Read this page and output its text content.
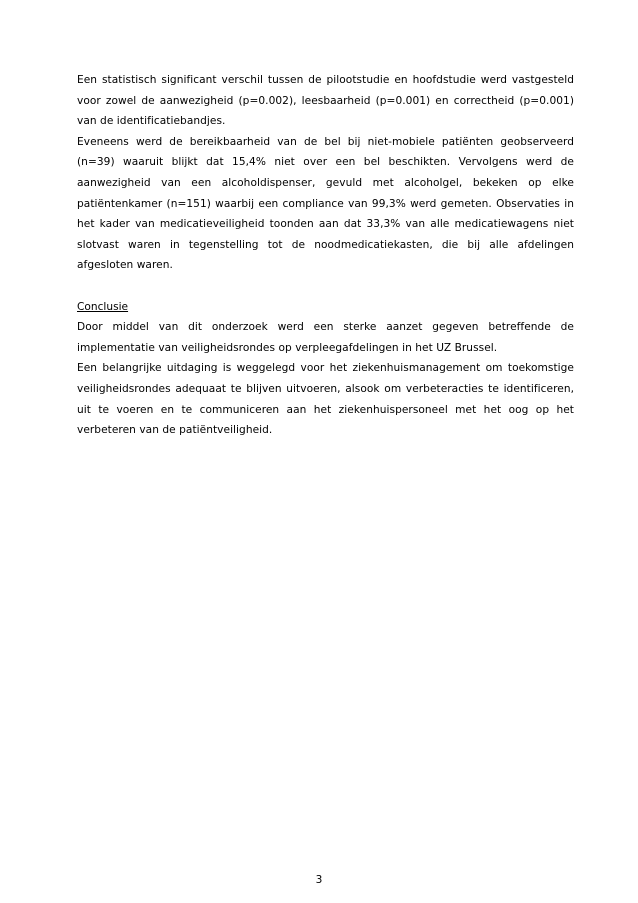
Een statistisch significant verschil tussen de pilootstudie en hoofdstudie werd vastgesteld voor zowel de aanwezigheid (p=0.002), leesbaarheid (p=0.001) en correctheid (p=0.001) van de identificatiebandjes.

Eveneens werd de bereikbaarheid van de bel bij niet-mobiele patiënten geobserveerd (n=39) waaruit blijkt dat 15,4% niet over een bel beschikten. Vervolgens werd de aanwezigheid van een alcoholdispenser, gevuld met alcoholgel, bekeken op elke patiëntenkamer (n=151) waarbij een compliance van 99,3% werd gemeten. Observaties in het kader van medicatieveiligheid toonden aan dat 33,3% van alle medicatiewagens niet slotvast waren in tegenstelling tot de noodmedicatiekasten, die bij alle afdelingen afgesloten waren.

Conclusie

Door middel van dit onderzoek werd een sterke aanzet gegeven betreffende de implementatie van veiligheidsrondes op verpleegafdelingen in het UZ Brussel.

Een belangrijke uitdaging is weggelegd voor het ziekenhuismanagement om toekomstige veiligheidsrondes adequaat te blijven uitvoeren, alsook om verbeteracties te identificeren, uit te voeren en te communiceren aan het ziekenhuispersoneel met het oog op het verbeteren van de patiëntveiligheid.

3
